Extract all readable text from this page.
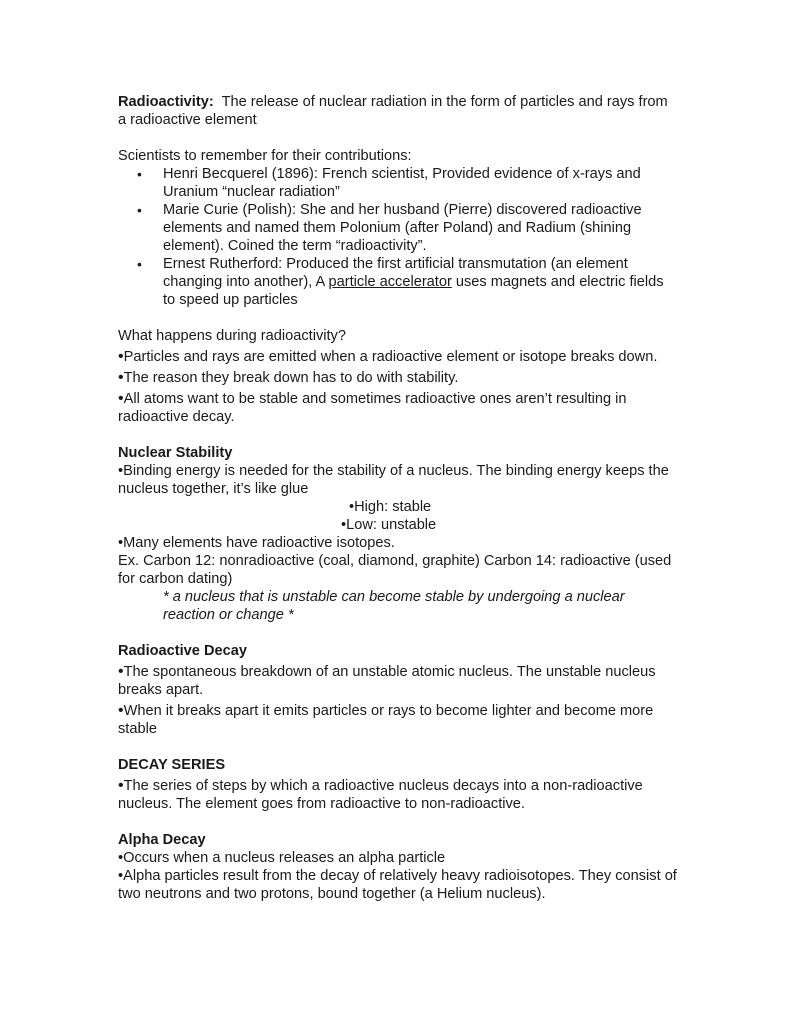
Radioactivity: The release of nuclear radiation in the form of particles and rays from a radioactive element

Scientists to remember for their contributions:

• Henri Becquerel (1896): French scientist, Provided evidence of x-rays and Uranium “nuclear radiation”
• Marie Curie (Polish): She and her husband (Pierre) discovered radioactive elements and named them Polonium (after Poland) and Radium (shining element). Coined the term “radioactivity”.
• Ernest Rutherford: Produced the first artificial transmutation (an element changing into another), A particle accelerator uses magnets and electric fields to speed up particles

What happens during radioactivity?

•Particles and rays are emitted when a radioactive element or isotope breaks down.

•The reason they break down has to do with stability.

•All atoms want to be stable and sometimes radioactive ones aren’t resulting in radioactive decay.

Nuclear Stability

•Binding energy is needed for the stability of a nucleus. The binding energy keeps the nucleus together, it’s like glue

•High: stable

•Low: unstable

•Many elements have radioactive isotopes.

Ex. Carbon 12: nonradioactive (coal, diamond, graphite) Carbon 14: radioactive (used for carbon dating)

* a nucleus that is unstable can become stable by undergoing a nuclear reaction or change *

Radioactive Decay

•The spontaneous breakdown of an unstable atomic nucleus. The unstable nucleus breaks apart.

•When it breaks apart it emits particles or rays to become lighter and become more stable

DECAY SERIES

•The series of steps by which a radioactive nucleus decays into a non-radioactive nucleus. The element goes from radioactive to non-radioactive.

Alpha Decay

•Occurs when a nucleus releases an alpha particle

•Alpha particles result from the decay of relatively heavy radioisotopes. They consist of two neutrons and two protons, bound together (a Helium nucleus).
